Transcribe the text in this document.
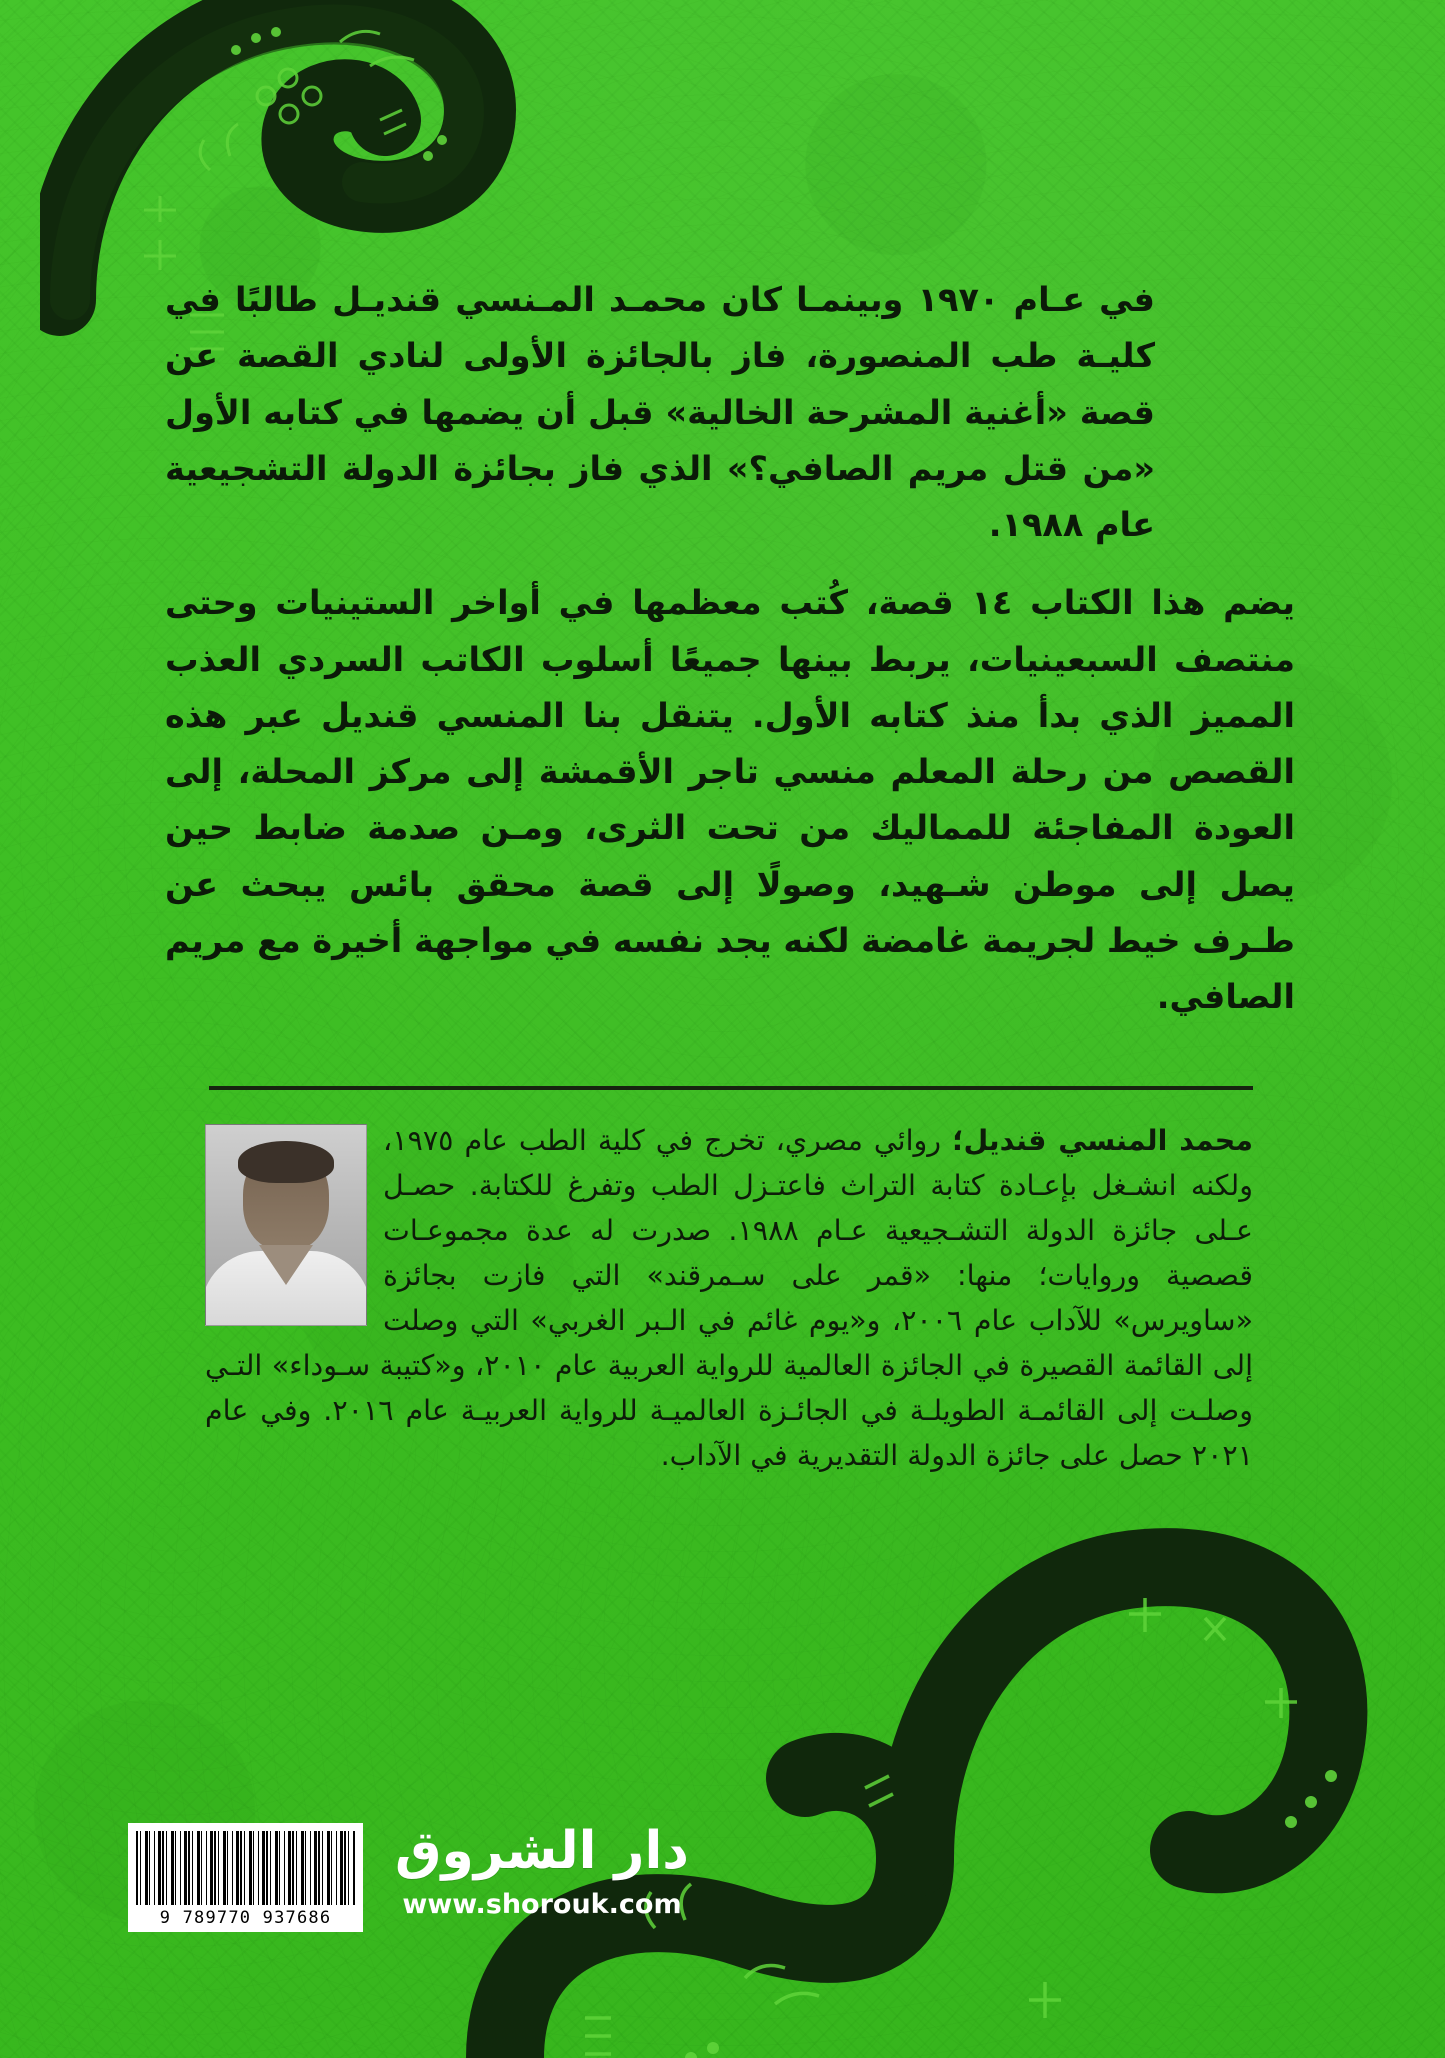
في عـام ١٩٧٠ وبينمـا كان محمـد المـنسي قنديـل طالبًا في كليـة طب المنصورة، فاز بالجائزة الأولى لنادي القصة عن قصة «أغنية المشرحة الخالية» قبل أن يضمها في كتابه الأول «من قتل مريم الصافي؟» الذي فاز بجائزة الدولة التشجيعية عام ١٩٨٨.

يضم هذا الكتاب ١٤ قصة، كُتب معظمها في أواخر الستينيات وحتى منتصف السبعينيات، يربط بينها جميعًا أسلوب الكاتب السردي العذب المميز الذي بدأ منذ كتابه الأول. يتنقل بنا المنسي قنديل عبر هذه القصص من رحلة المعلم منسي تاجر الأقمشة إلى مركز المحلة، إلى العودة المفاجئة للمماليك من تحت الثرى، ومـن صدمة ضابط حين يصل إلى موطن شـهيد، وصولًا إلى قصة محقق بائس يبحث عن طـرف خيط لجريمة غامضة لكنه يجد نفسه في مواجهة أخيرة مع مريم الصافي.

محمد المنسي قنديل؛ روائي مصري، تخرج في كلية الطب عام ١٩٧٥، ولكنه انشـغل بإعـادة كتابة التراث فاعتـزل الطب وتفرغ للكتابة. حصـل عـلى جائزة الدولة التشـجيعية عـام ١٩٨٨. صدرت له عدة مجموعـات قصصية وروايات؛ منها: «قمر على سـمرقند» التي فازت بجائزة «ساويرس» للآداب عام ٢٠٠٦، و«يوم غائم في الـبر الغربي» التي وصلت إلى القائمة القصيرة في الجائزة العالمية للرواية العربية عام ٢٠١٠، و«كتيبة سـوداء» التـي وصلـت إلى القائمـة الطويلـة في الجائـزة العالميـة للرواية العربيـة عام ٢٠١٦. وفي عام ٢٠٢١ حصل على جائزة الدولة التقديرية في الآداب.
9 789770 937686
دار الشروق
www.shorouk.com
